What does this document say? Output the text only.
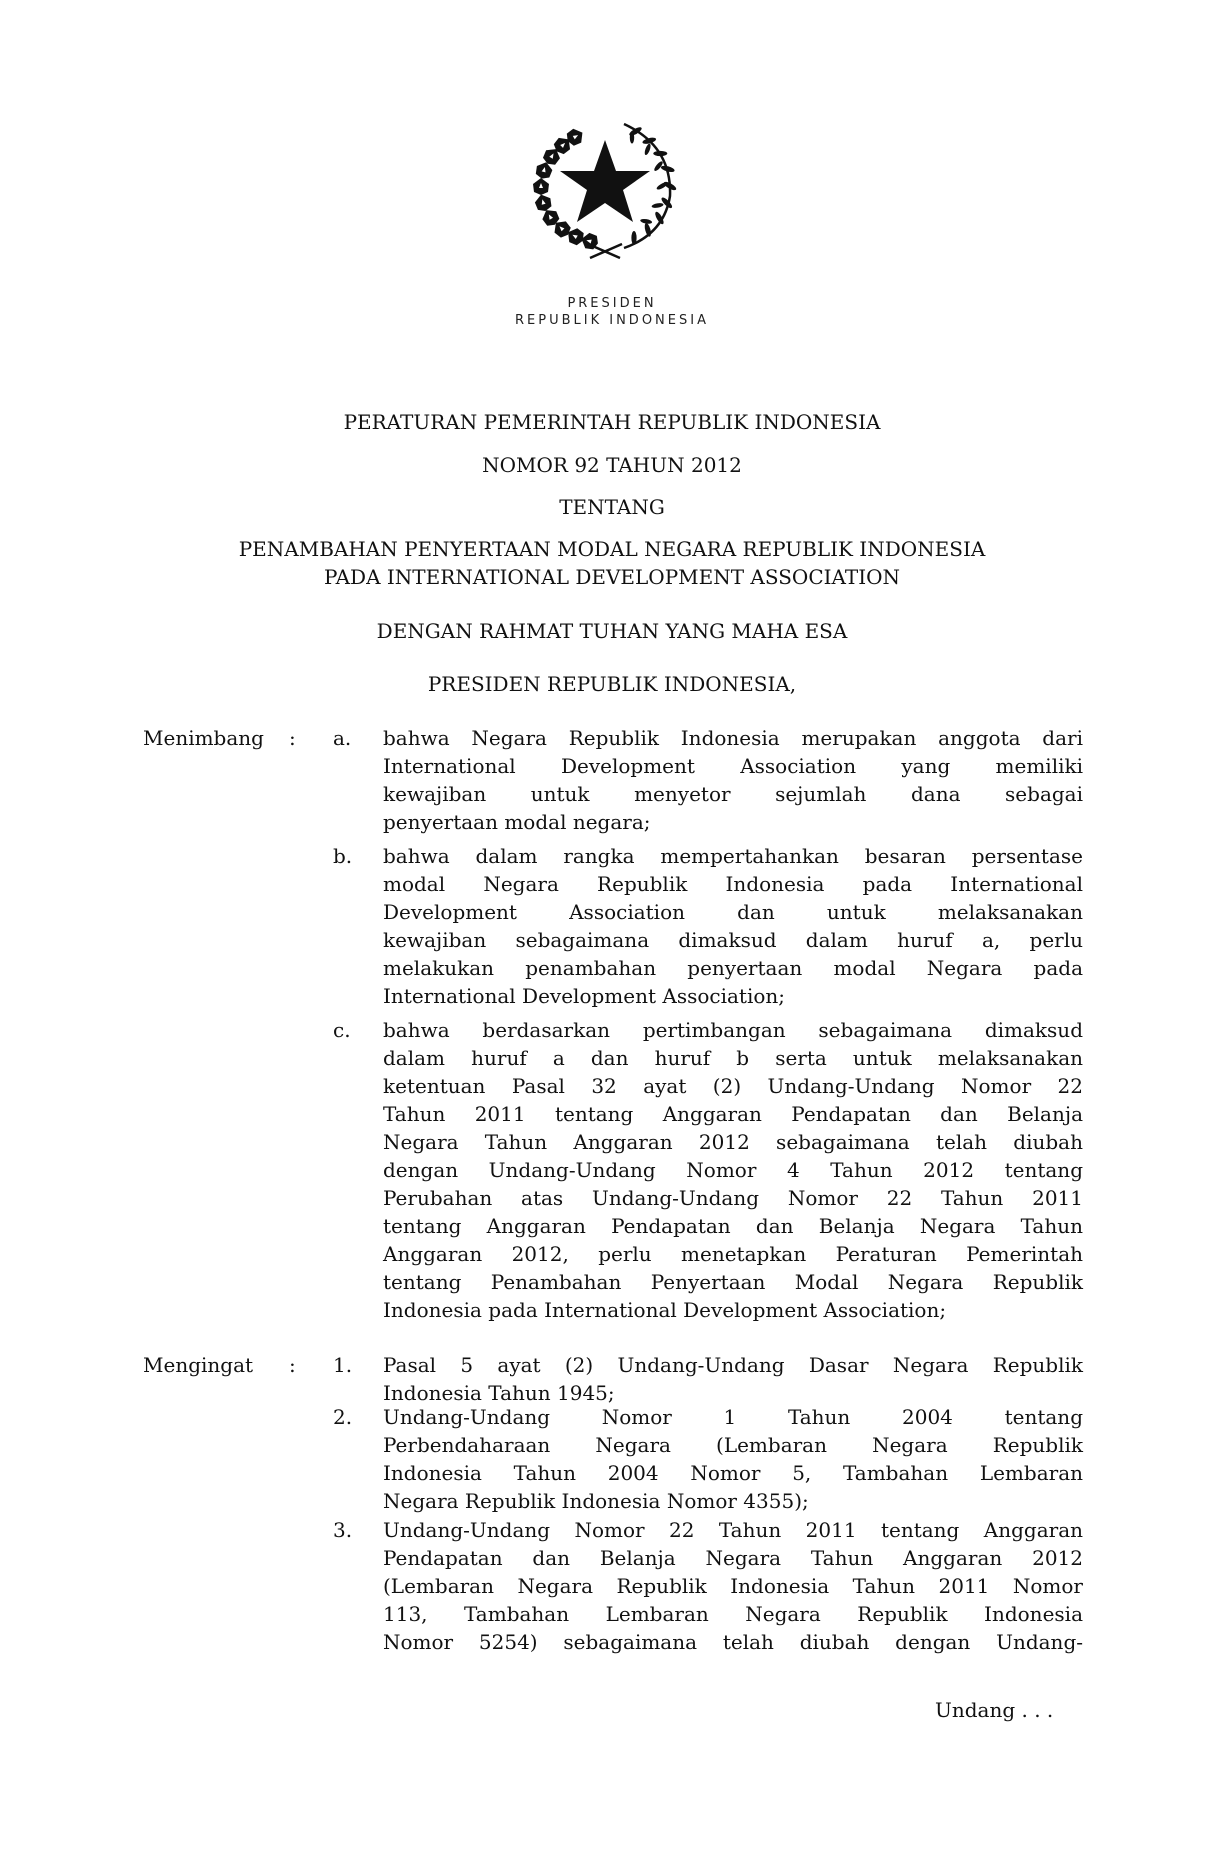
PRESIDEN
REPUBLIK INDONESIA
PERATURAN PEMERINTAH REPUBLIK INDONESIA
NOMOR 92 TAHUN 2012
TENTANG
PENAMBAHAN PENYERTAAN MODAL NEGARA REPUBLIK INDONESIA
PADA INTERNATIONAL DEVELOPMENT ASSOCIATION
DENGAN RAHMAT TUHAN YANG MAHA ESA
PRESIDEN REPUBLIK INDONESIA,
Menimbang : a. bahwa Negara Republik Indonesia merupakan anggota dari
International Development Association yang memiliki
kewajiban untuk menyetor sejumlah dana sebagai
penyertaan modal negara;
b. bahwa dalam rangka mempertahankan besaran persentase
modal Negara Republik Indonesia pada International
Development Association dan untuk melaksanakan
kewajiban sebagaimana dimaksud dalam huruf a, perlu
melakukan penambahan penyertaan modal Negara pada
International Development Association;
c. bahwa berdasarkan pertimbangan sebagaimana dimaksud
dalam huruf a dan huruf b serta untuk melaksanakan
ketentuan Pasal 32 ayat (2) Undang-Undang Nomor 22
Tahun 2011 tentang Anggaran Pendapatan dan Belanja
Negara Tahun Anggaran 2012 sebagaimana telah diubah
dengan Undang-Undang Nomor 4 Tahun 2012 tentang
Perubahan atas Undang-Undang Nomor 22 Tahun 2011
tentang Anggaran Pendapatan dan Belanja Negara Tahun
Anggaran 2012, perlu menetapkan Peraturan Pemerintah
tentang Penambahan Penyertaan Modal Negara Republik
Indonesia pada International Development Association;
Mengingat : 1. Pasal 5 ayat (2) Undang-Undang Dasar Negara Republik
Indonesia Tahun 1945;
2. Undang-Undang Nomor 1 Tahun 2004 tentang
Perbendaharaan Negara (Lembaran Negara Republik
Indonesia Tahun 2004 Nomor 5, Tambahan Lembaran
Negara Republik Indonesia Nomor 4355);
3. Undang-Undang Nomor 22 Tahun 2011 tentang Anggaran
Pendapatan dan Belanja Negara Tahun Anggaran 2012
(Lembaran Negara Republik Indonesia Tahun 2011 Nomor
113, Tambahan Lembaran Negara Republik Indonesia
Nomor 5254) sebagaimana telah diubah dengan Undang-
Undang . . .
